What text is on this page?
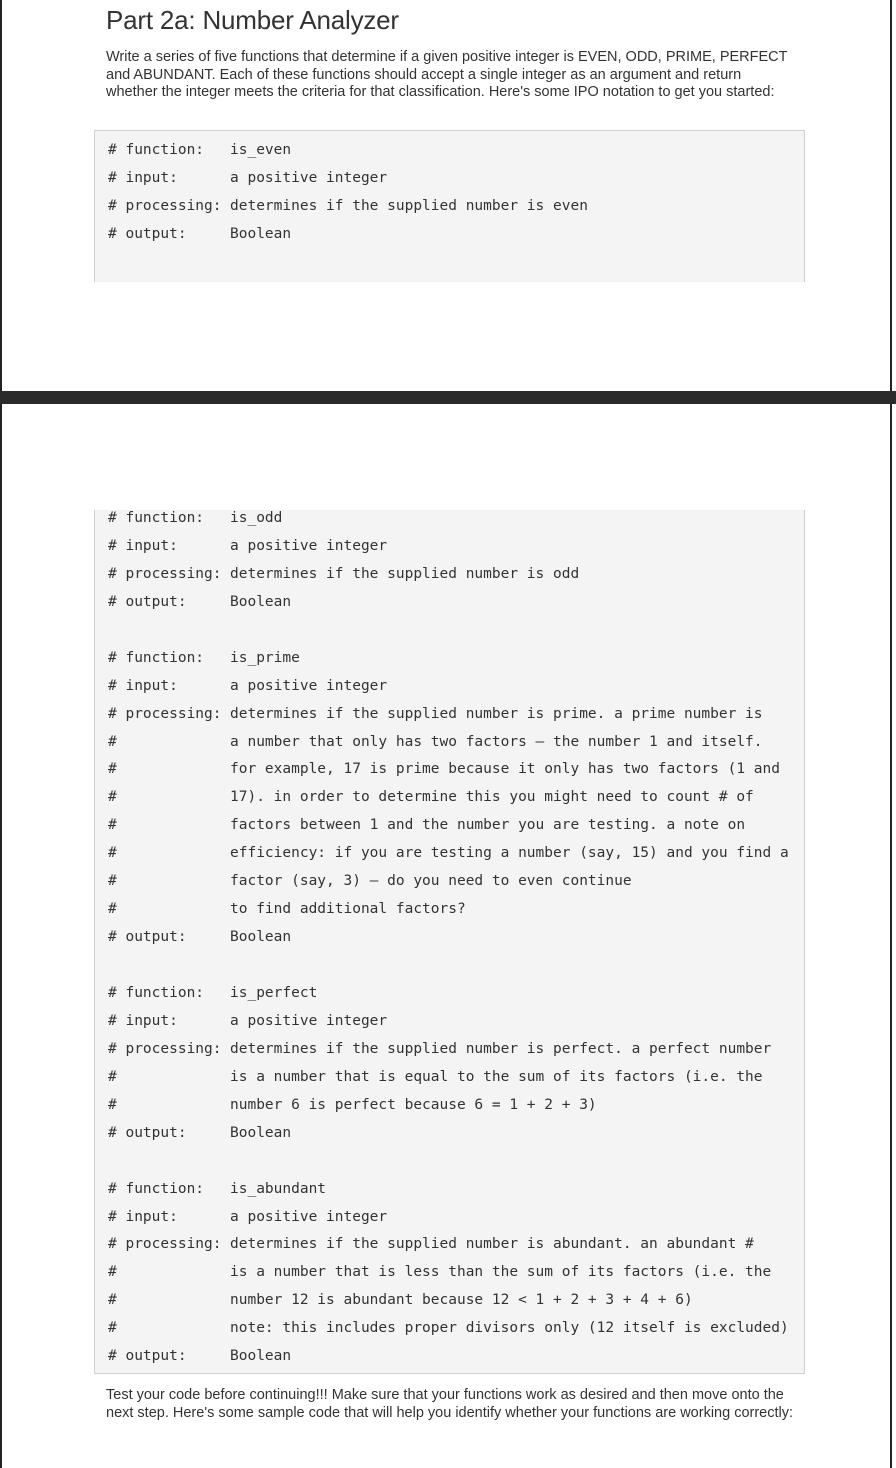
Part 2a: Number Analyzer

Write a series of five functions that determine if a given positive integer is EVEN, ODD, PRIME, PERFECT and ABUNDANT. Each of these functions should accept a single integer as an argument and return whether the integer meets the criteria for that classification. Here's some IPO notation to get you started:

# function: is_even
# input:	a positive integer
# processing: determines if the supplied number is even
# output:	Boolean
# function: is_odd
# input:	a positive integer
# processing: determines if the supplied number is odd
# output:	Boolean
# function: is_prime
# input:	a positive integer
# processing: determines if the supplied number is prime. a prime number is
#	a number that only has two factors – the number 1 and itself.
#	for example, 17 is prime because it only has two factors (1 and
#	17). in order to determine this you might need to count # of
#	factors between 1 and the number you are testing. a note on
#	efficiency: if you are testing a number (say, 15) and you find a
#	factor (say, 3) – do you need to even continue
#	to find additional factors?
# output:	Boolean
# function: is_perfect
# input:	a positive integer
# processing: determines if the supplied number is perfect. a perfect number
#	is a number that is equal to the sum of its factors (i.e. the
#	number 6 is perfect because 6 = 1 + 2 + 3)
# output:	Boolean
# function: is_abundant
# input:	a positive integer
# processing: determines if the supplied number is abundant. an abundant #
#	is a number that is less than the sum of its factors (i.e. the
#	number 12 is abundant because 12 < 1 + 2 + 3 + 4 + 6)
#	note: this includes proper divisors only (12 itself is excluded)
# output:	Boolean

Test your code before continuing!!! Make sure that your functions work as desired and then move onto the next step. Here's some sample code that will help you identify whether your functions are working correctly:
